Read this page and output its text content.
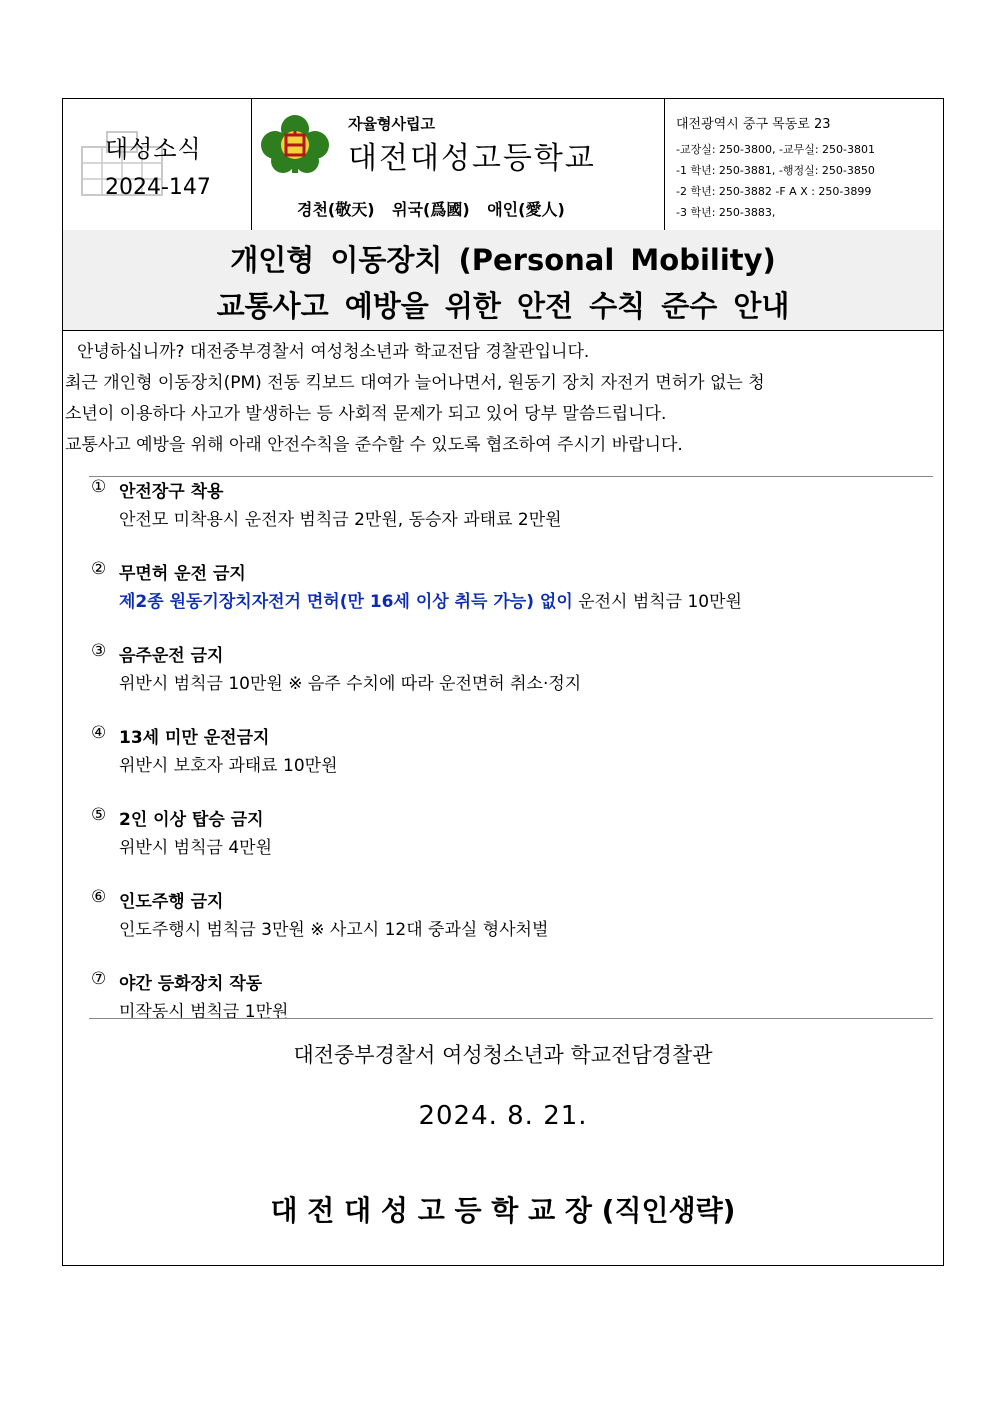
대성소식
2024-147
자율형사립고
대전대성고등학교
경천(敬天) 위국(爲國) 애인(愛人)
대전광역시 중구 목동로 23
-교장실: 250-3800, -교무실: 250-3801
-1 학년: 250-3881, -행정실: 250-3850
-2 학년: 250-3882 -F A X : 250-3899
-3 학년: 250-3883,
개인형 이동장치 (Personal Mobility)
교통사고 예방을 위한 안전 수칙 준수 안내

안녕하십니까? 대전중부경찰서 여성청소년과 학교전담 경찰관입니다.

최근 개인형 이동장치(PM) 전동 킥보드 대여가 늘어나면서, 원동기 장치 자전거 면허가 없는 청

소년이 이용하다 사고가 발생하는 등 사회적 문제가 되고 있어 당부 말씀드립니다.

교통사고 예방을 위해 아래 안전수칙을 준수할 수 있도록 협조하여 주시기 바랍니다.

① 안전장구 착용
안전모 미착용시 운전자 범칙금 2만원, 동승자 과태료 2만원
② 무면허 운전 금지
제2종 원동기장치자전거 면허(만 16세 이상 취득 가능) 없이 운전시 범칙금 10만원
③ 음주운전 금지
위반시 범칙금 10만원 ※ 음주 수치에 따라 운전면허 취소·정지
④ 13세 미만 운전금지
위반시 보호자 과태료 10만원
⑤ 2인 이상 탑승 금지
위반시 범칙금 4만원
⑥ 인도주행 금지
인도주행시 범칙금 3만원 ※ 사고시 12대 중과실 형사처벌
⑦ 야간 등화장치 작동
미작동시 범칙금 1만원
대전중부경찰서 여성청소년과 학교전담경찰관
2024. 8. 21.
대 전 대 성 고 등 학 교 장 (직인생략)
